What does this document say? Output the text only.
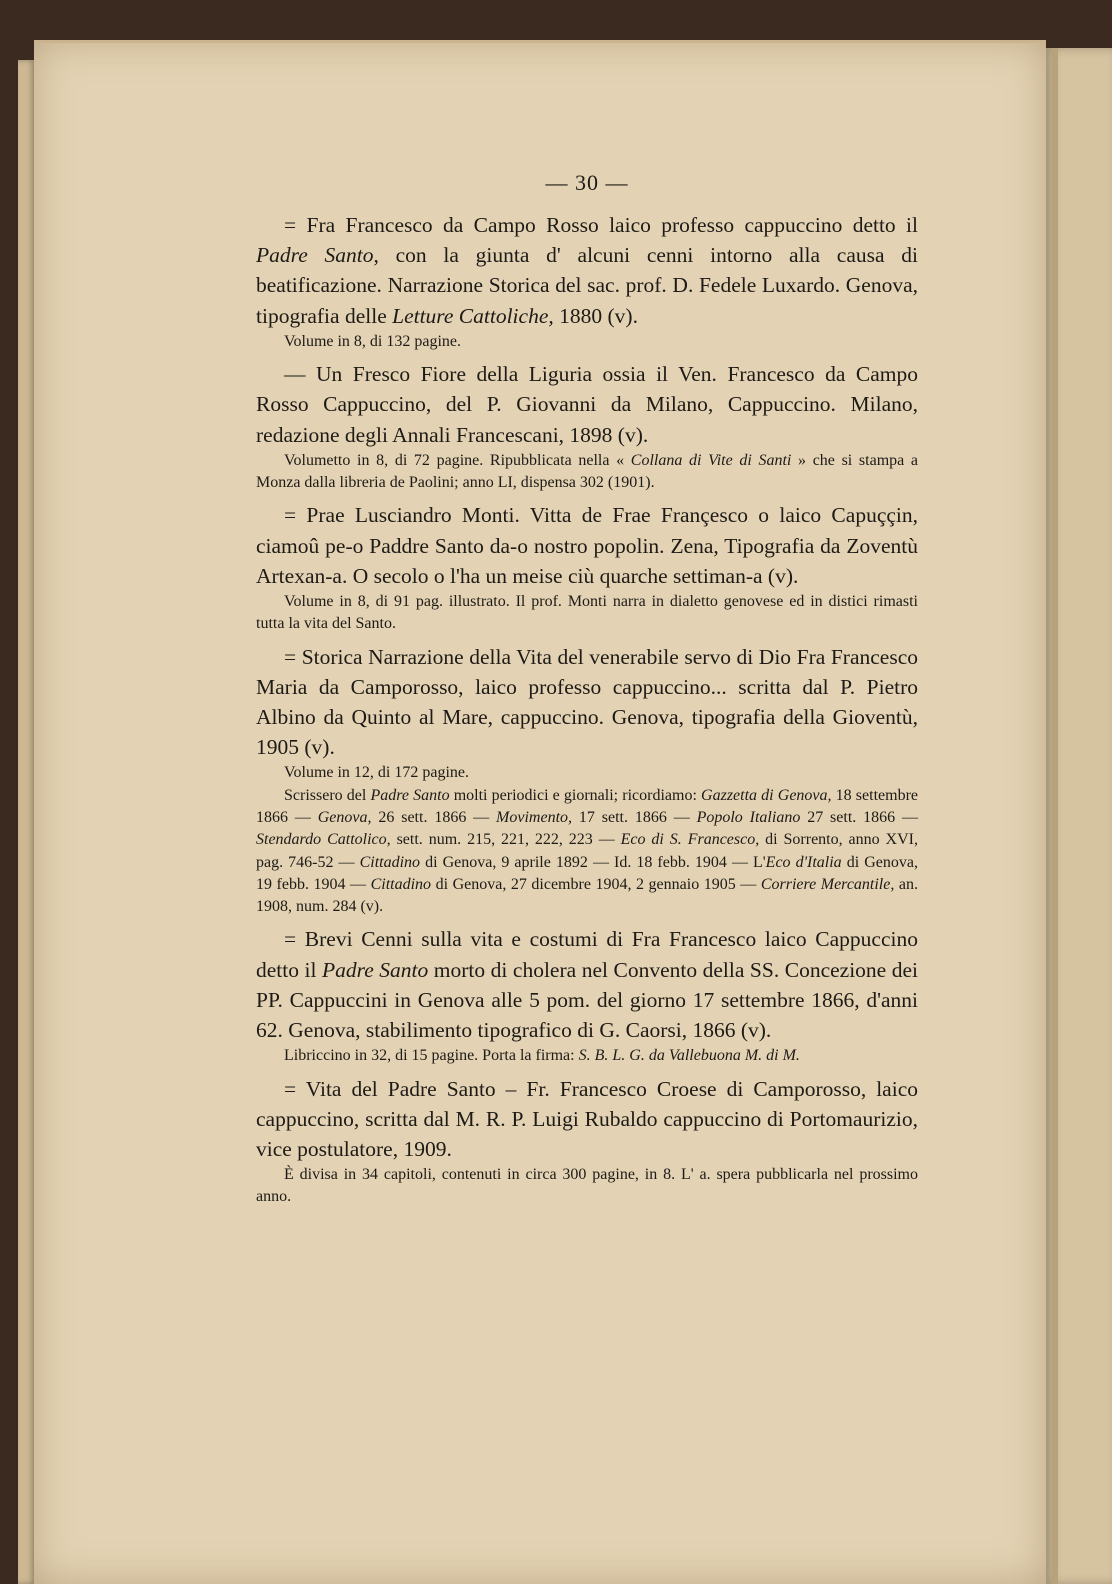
— 30 —

= Fra Francesco da Campo Rosso laico professo cappuccino detto il Padre Santo, con la giunta d' alcuni cenni intorno alla causa di beatificazione. Narrazione Storica del sac. prof. D. Fedele Luxardo. Genova, tipografia delle Letture Cattoliche, 1880 (v).

Volume in 8, di 132 pagine.

— Un Fresco Fiore della Liguria ossia il Ven. Francesco da Campo Rosso Cappuccino, del P. Giovanni da Milano, Cappuccino. Milano, redazione degli Annali Francescani, 1898 (v).

Volumetto in 8, di 72 pagine. Ripubblicata nella « Collana di Vite di Santi » che si stampa a Monza dalla libreria de Paolini; anno LI, dispensa 302 (1901).

= Prae Lusciandro Monti. Vitta de Frae Françesco o laico Capuççin, ciamoû pe-o Paddre Santo da-o nostro popolin. Zena, Tipografia da Zoventù Artexan-a. O secolo o l'ha un meise ciù quarche settiman-a (v).

Volume in 8, di 91 pag. illustrato. Il prof. Monti narra in dialetto genovese ed in distici rimasti tutta la vita del Santo.

= Storica Narrazione della Vita del venerabile servo di Dio Fra Francesco Maria da Camporosso, laico professo cappuccino... scritta dal P. Pietro Albino da Quinto al Mare, cappuccino. Genova, tipografia della Gioventù, 1905 (v).

Volume in 12, di 172 pagine.

Scrissero del Padre Santo molti periodici e giornali; ricordiamo: Gazzetta di Genova, 18 settembre 1866 — Genova, 26 sett. 1866 — Movimento, 17 sett. 1866 — Popolo Italiano 27 sett. 1866 — Stendardo Cattolico, sett. num. 215, 221, 222, 223 — Eco di S. Francesco, di Sorrento, anno XVI, pag. 746-52 — Cittadino di Genova, 9 aprile 1892 — Id. 18 febb. 1904 — L'Eco d'Italia di Genova, 19 febb. 1904 — Cittadino di Genova, 27 dicembre 1904, 2 gennaio 1905 — Corriere Mercantile, an. 1908, num. 284 (v).

= Brevi Cenni sulla vita e costumi di Fra Francesco laico Cappuccino detto il Padre Santo morto di cholera nel Convento della SS. Concezione dei PP. Cappuccini in Genova alle 5 pom. del giorno 17 settembre 1866, d'anni 62. Genova, stabilimento tipografico di G. Caorsi, 1866 (v).

Libriccino in 32, di 15 pagine. Porta la firma: S. B. L. G. da Vallebuona M. di M.

= Vita del Padre Santo – Fr. Francesco Croese di Camporosso, laico cappuccino, scritta dal M. R. P. Luigi Rubaldo cappuccino di Portomaurizio, vice postulatore, 1909.

È divisa in 34 capitoli, contenuti in circa 300 pagine, in 8. L' a. spera pubblicarla nel prossimo anno.
